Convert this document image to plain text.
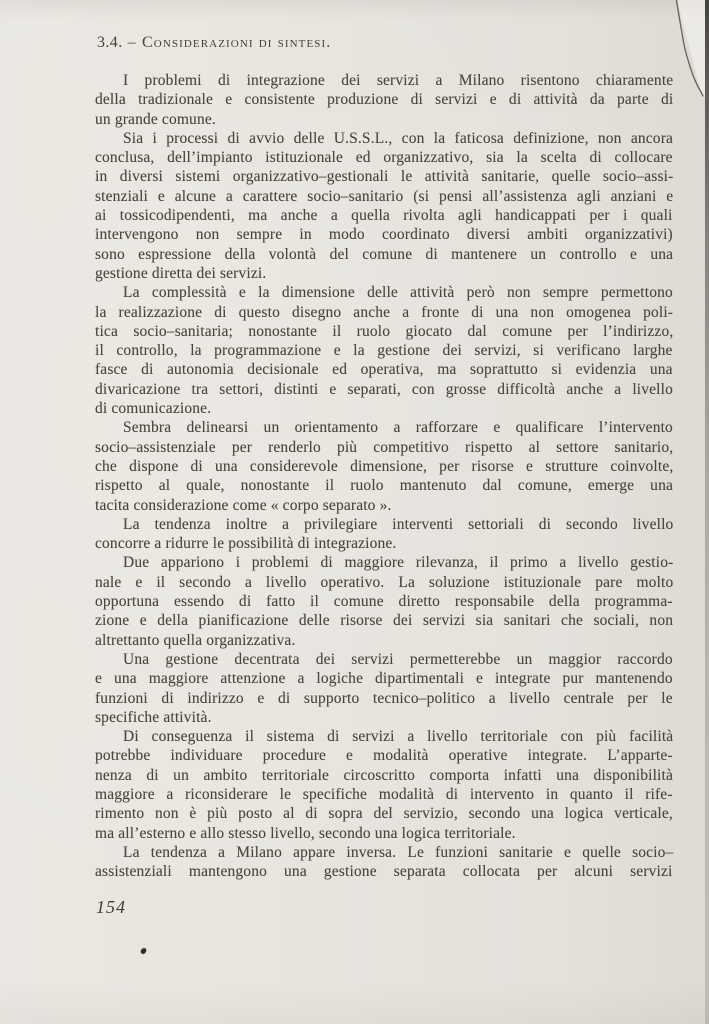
3.4. – Considerazioni di sintesi.
I problemi di integrazione dei servizi a Milano risentono chiaramente
della tradizionale e consistente produzione di servizi e di attività da parte di
un grande comune.
Sia i processi di avvio delle U.S.S.L., con la faticosa definizione, non ancora
conclusa, dell’impianto istituzionale ed organizzativo, sia la scelta di collocare
in diversi sistemi organizzativo–gestionali le attività sanitarie, quelle socio–assi-
stenziali e alcune a carattere socio–sanitario (si pensi all’assistenza agli anziani e
ai tossicodipendenti, ma anche a quella rivolta agli handicappati per i quali
intervengono non sempre in modo coordinato diversi ambiti organizzativi)
sono espressione della volontà del comune di mantenere un controllo e una
gestione diretta dei servizi.
La complessità e la dimensione delle attività però non sempre permettono
la realizzazione di questo disegno anche a fronte di una non omogenea poli-
tica socio–sanitaria; nonostante il ruolo giocato dal comune per l’indirizzo,
il controllo, la programmazione e la gestione dei servizi, si verificano larghe
fasce di autonomia decisionale ed operativa, ma soprattutto si evidenzia una
divaricazione tra settori, distinti e separati, con grosse difficoltà anche a livello
di comunicazione.
Sembra delinearsi un orientamento a rafforzare e qualificare l’intervento
socio–assistenziale per renderlo più competitivo rispetto al settore sanitario,
che dispone di una considerevole dimensione, per risorse e strutture coinvolte,
rispetto al quale, nonostante il ruolo mantenuto dal comune, emerge una
tacita considerazione come « corpo separato ».
La tendenza inoltre a privilegiare interventi settoriali di secondo livello
concorre a ridurre le possibilità di integrazione.
Due appariono i problemi di maggiore rilevanza, il primo a livello gestio-
nale e il secondo a livello operativo. La soluzione istituzionale pare molto
opportuna essendo di fatto il comune diretto responsabile della programma-
zione e della pianificazione delle risorse dei servizi sia sanitari che sociali, non
altrettanto quella organizzativa.
Una gestione decentrata dei servizi permetterebbe un maggior raccordo
e una maggiore attenzione a logiche dipartimentali e integrate pur mantenendo
funzioni di indirizzo e di supporto tecnico–politico a livello centrale per le
specifiche attività.
Di conseguenza il sistema di servizi a livello territoriale con più facilità
potrebbe individuare procedure e modalità operative integrate. L’apparte-
nenza di un ambito territoriale circoscritto comporta infatti una disponibilità
maggiore a riconsiderare le specifiche modalità di intervento in quanto il rife-
rimento non è più posto al di sopra del servizio, secondo una logica verticale,
ma all’esterno e allo stesso livello, secondo una logica territoriale.
La tendenza a Milano appare inversa. Le funzioni sanitarie e quelle socio–
assistenziali mantengono una gestione separata collocata per alcuni servizi
154
